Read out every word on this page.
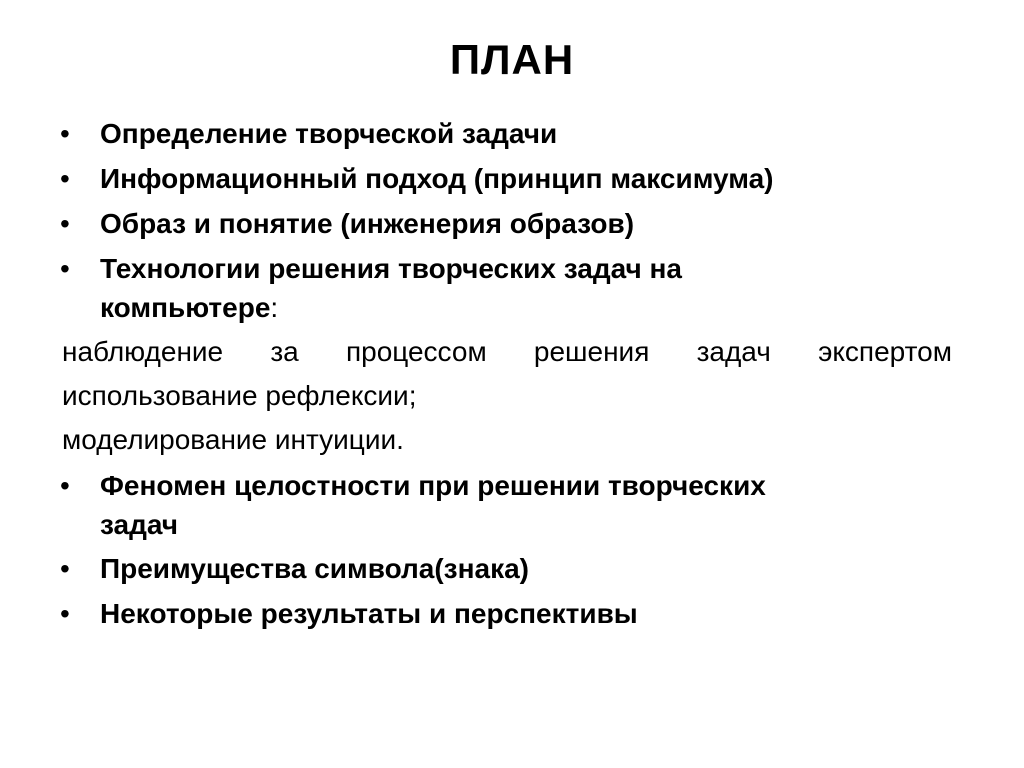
ПЛАН
•	Определение творческой задачи
•	Информационный подход (принцип максимума)
•	Образ и понятие (инженерия образов)
•	Технологии решения творческих задач на
компьютере:
наблюдение за процессом решения задач экспертом
использование рефлексии;
моделирование интуиции.
•	Феномен целостности при решении творческих
задач
•	Преимущества символа(знака)
•	Некоторые результаты и перспективы
